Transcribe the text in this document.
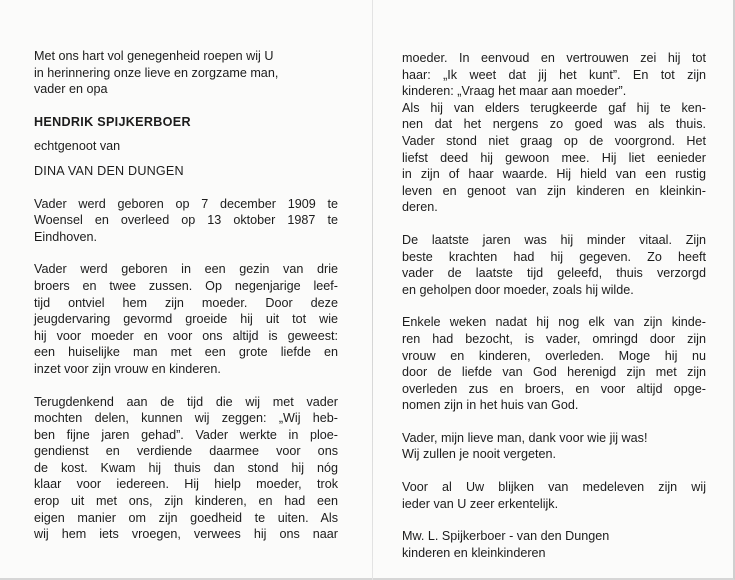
Met ons hart vol genegenheid roepen wij U
in herinnering onze lieve en zorgzame man,
vader en opa

HENDRIK SPIJKERBOER

echtgenoot van

DINA VAN DEN DUNGEN

Vader werd geboren op 7 december 1909 te
Woensel en overleed op 13 oktober 1987 te
Eindhoven.

Vader werd geboren in een gezin van drie
broers en twee zussen. Op negenjarige leef-
tijd ontviel hem zijn moeder. Door deze
jeugdervaring gevormd groeide hij uit tot wie
hij voor moeder en voor ons altijd is geweest:
een huiselijke man met een grote liefde en
inzet voor zijn vrouw en kinderen.

Terugdenkend aan de tijd die wij met vader
mochten delen, kunnen wij zeggen: „Wij heb-
ben fijne jaren gehad”. Vader werkte in ploe-
gendienst en verdiende daarmee voor ons
de kost. Kwam hij thuis dan stond hij nóg
klaar voor iedereen. Hij hielp moeder, trok
erop uit met ons, zijn kinderen, en had een
eigen manier om zijn goedheid te uiten. Als
wij hem iets vroegen, verwees hij ons naar

moeder. In eenvoud en vertrouwen zei hij tot
haar: „Ik weet dat jij het kunt”. En tot zijn
kinderen: „Vraag het maar aan moeder”.
Als hij van elders terugkeerde gaf hij te ken-
nen dat het nergens zo goed was als thuis.
Vader stond niet graag op de voorgrond. Het
liefst deed hij gewoon mee. Hij liet eenieder
in zijn of haar waarde. Hij hield van een rustig
leven en genoot van zijn kinderen en kleinkin-
deren.

De laatste jaren was hij minder vitaal. Zijn
beste krachten had hij gegeven. Zo heeft
vader de laatste tijd geleefd, thuis verzorgd
en geholpen door moeder, zoals hij wilde.

Enkele weken nadat hij nog elk van zijn kinde-
ren had bezocht, is vader, omringd door zijn
vrouw en kinderen, overleden. Moge hij nu
door de liefde van God herenigd zijn met zijn
overleden zus en broers, en voor altijd opge-
nomen zijn in het huis van God.

Vader, mijn lieve man, dank voor wie jij was!
Wij zullen je nooit vergeten.

Voor al Uw blijken van medeleven zijn wij
ieder van U zeer erkentelijk.

Mw. L. Spijkerboer - van den Dungen
kinderen en kleinkinderen
